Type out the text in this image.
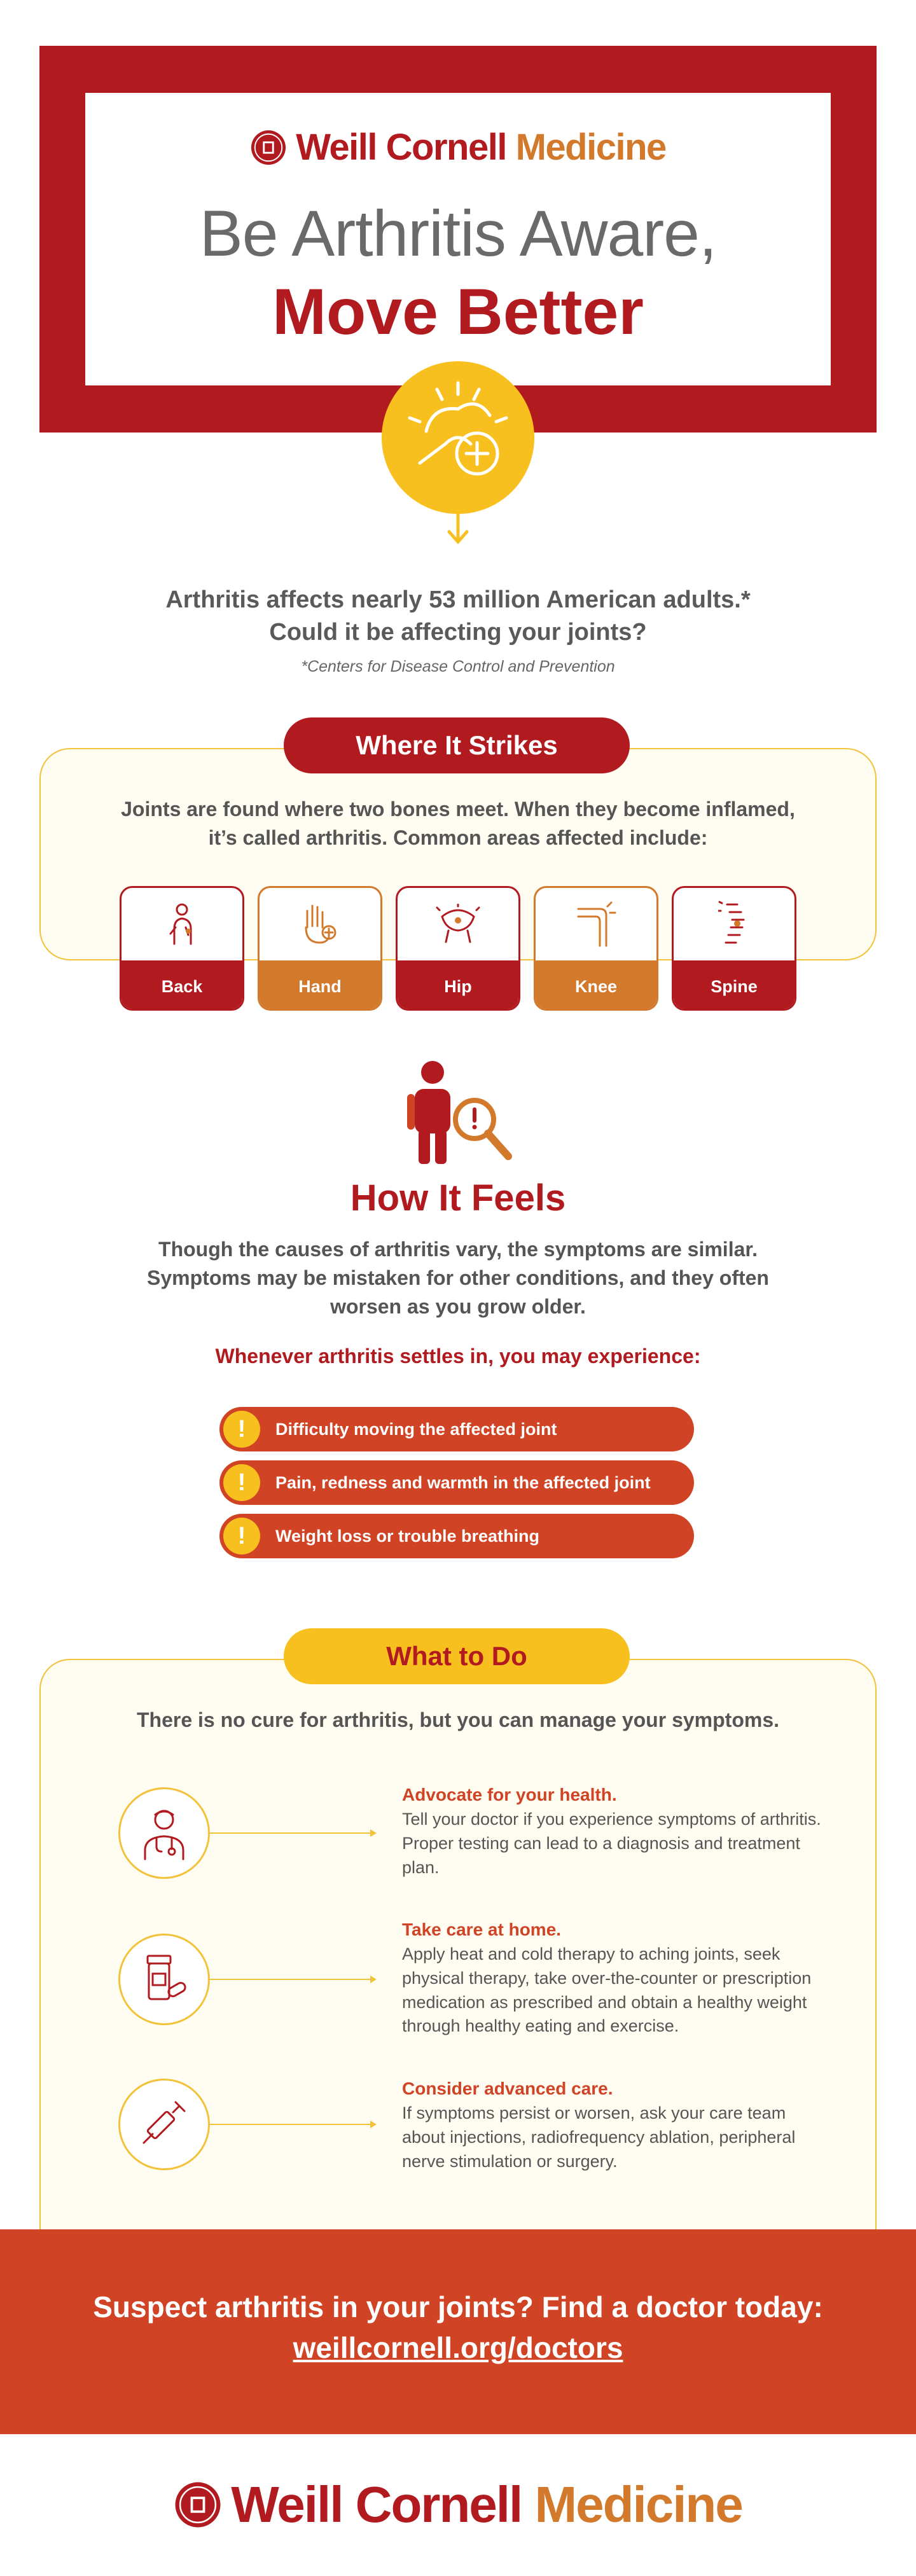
Weill Cornell Medicine
Be Arthritis Aware,
Move Better
Arthritis affects nearly 53 million American adults.*
Could it be affecting your joints?
*Centers for Disease Control and Prevention
Where It Strikes
Joints are found where two bones meet. When they become inflamed,
it’s called arthritis. Common areas affected include:
Back	Hand	Hip	Knee	Spine
How It Feels
Though the causes of arthritis vary, the symptoms are similar.
Symptoms may be mistaken for other conditions, and they often
worsen as you grow older.
Whenever arthritis settles in, you may experience:
!	Difficulty moving the affected joint
!	Pain, redness and warmth in the affected joint
!	Weight loss or trouble breathing
What to Do
There is no cure for arthritis, but you can manage your symptoms.
Advocate for your health.
Tell your doctor if you experience symptoms of arthritis. Proper testing can lead to a diagnosis and treatment plan.
Take care at home.
Apply heat and cold therapy to aching joints, seek physical therapy, take over-the-counter or prescription medication as prescribed and obtain a healthy weight through healthy eating and exercise.
Consider advanced care.
If symptoms persist or worsen, ask your care team about injections, radiofrequency ablation, peripheral nerve stimulation or surgery.
Suspect arthritis in your joints? Find a doctor today:
weillcornell.org/doctors
Weill Cornell Medicine
